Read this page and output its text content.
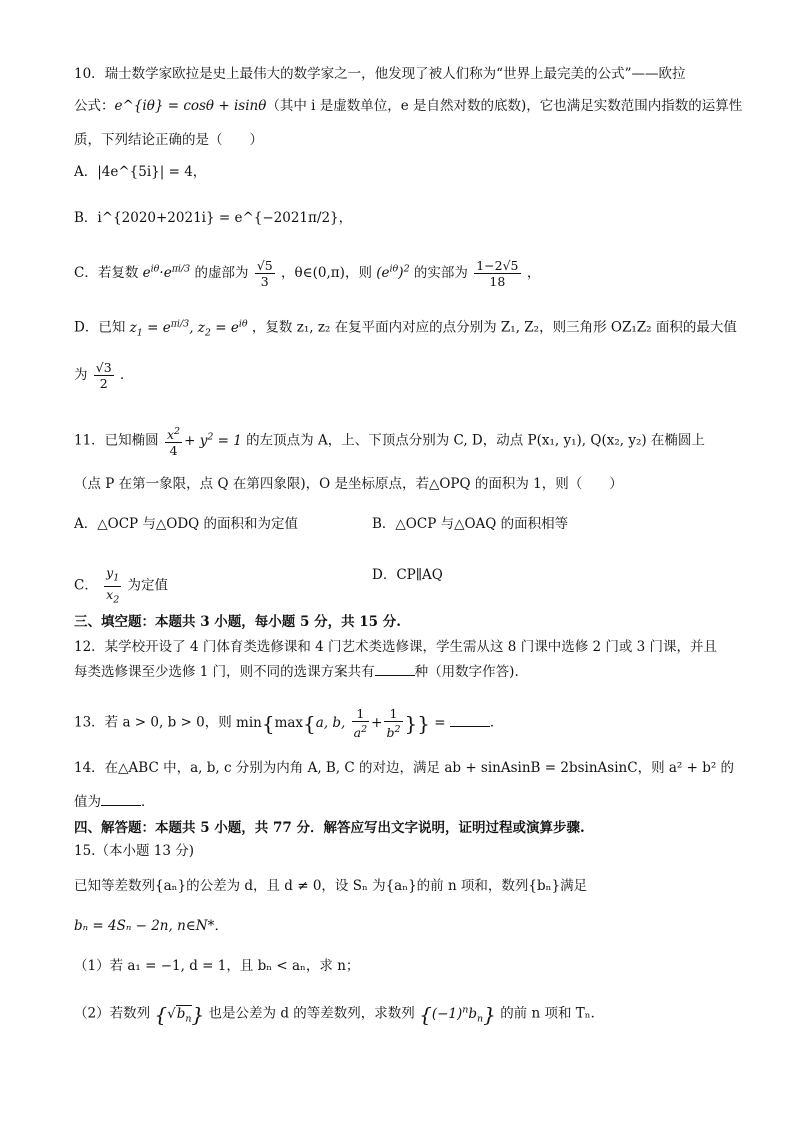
10．瑞士数学家欧拉是史上最伟大的数学家之一，他发现了被人们称为“世界上最完美的公式”——欧拉
公式：e^{iθ} = cosθ + isinθ（其中 i 是虚数单位，e 是自然对数的底数)，它也满足实数范围内指数的运算性
质，下列结论正确的是（　　）
A．|4e^{5i}| = 4，
B．i^{2020+2021i} = e^{−2021π/2}，
C．若复数 $e^{i\theta}\cdot e^{\pi i/3}$ 的虚部为 $\frac{√5}{3}$ ，θ∈(0,π)，则 $(e^{i\theta})^2$ 的实部为 $\frac{1-2√5}{18}$ ，
D．已知 $z_1 = e^{\pi i/3}$, $z_2 = e^{i\theta}$ ，复数 z₁, z₂ 在复平面内对应的点分别为 Z₁, Z₂，则三角形 OZ₁Z₂ 面积的最大值
为 $\frac{√3}{2}$ ．
11．已知椭圆 $\frac{x^2}{4} + y^2 = 1$ 的左顶点为 A，上、下顶点分别为 C, D，动点 P(x₁, y₁), Q(x₂, y₂) 在椭圆上
（点 P 在第一象限，点 Q 在第四象限)，O 是坐标原点，若△OPQ 的面积为 1，则（　　）
A．△OCP 与△ODQ 的面积和为定值	B．△OCP 与△OAQ 的面积相等
C． $\frac{y_1}{x_2}$ 为定值
D．CP∥AQ
三、填空题：本题共 3 小题，每小题 5 分，共 15 分.
12．某学校开设了 4 门体育类选修课和 4 门艺术类选修课，学生需从这 8 门课中选修 2 门或 3 门课，并且
每类选修课至少选修 1 门，则不同的选课方案共有	种（用数字作答).
13．若 a > 0, b > 0，则 min{max{a, b, $\frac{1}{a^2} + \frac{1}{b^2}$ }} =	．
14．在△ABC 中，a, b, c 分别为内角 A, B, C 的对边，满足 ab + sinAsinB = 2bsinAsinC，则 a² + b² 的
值为	．
四、解答题：本题共 5 小题，共 77 分．解答应写出文字说明，证明过程或演算步骤.
15.（本小题 13 分)
已知等差数列{aₙ}的公差为 d，且 d ≠ 0，设 Sₙ 为{aₙ}的前 n 项和，数列{bₙ}满足
bₙ = 4Sₙ − 2n, n∈N*．
（1）若 a₁ = −1, d = 1，且 bₙ < aₙ，求 n；
（2）若数列 $\{√b_n\}$ 也是公差为 d 的等差数列，求数列 $\{(-1)^nb_n\}$ 的前 n 项和 Tₙ．
